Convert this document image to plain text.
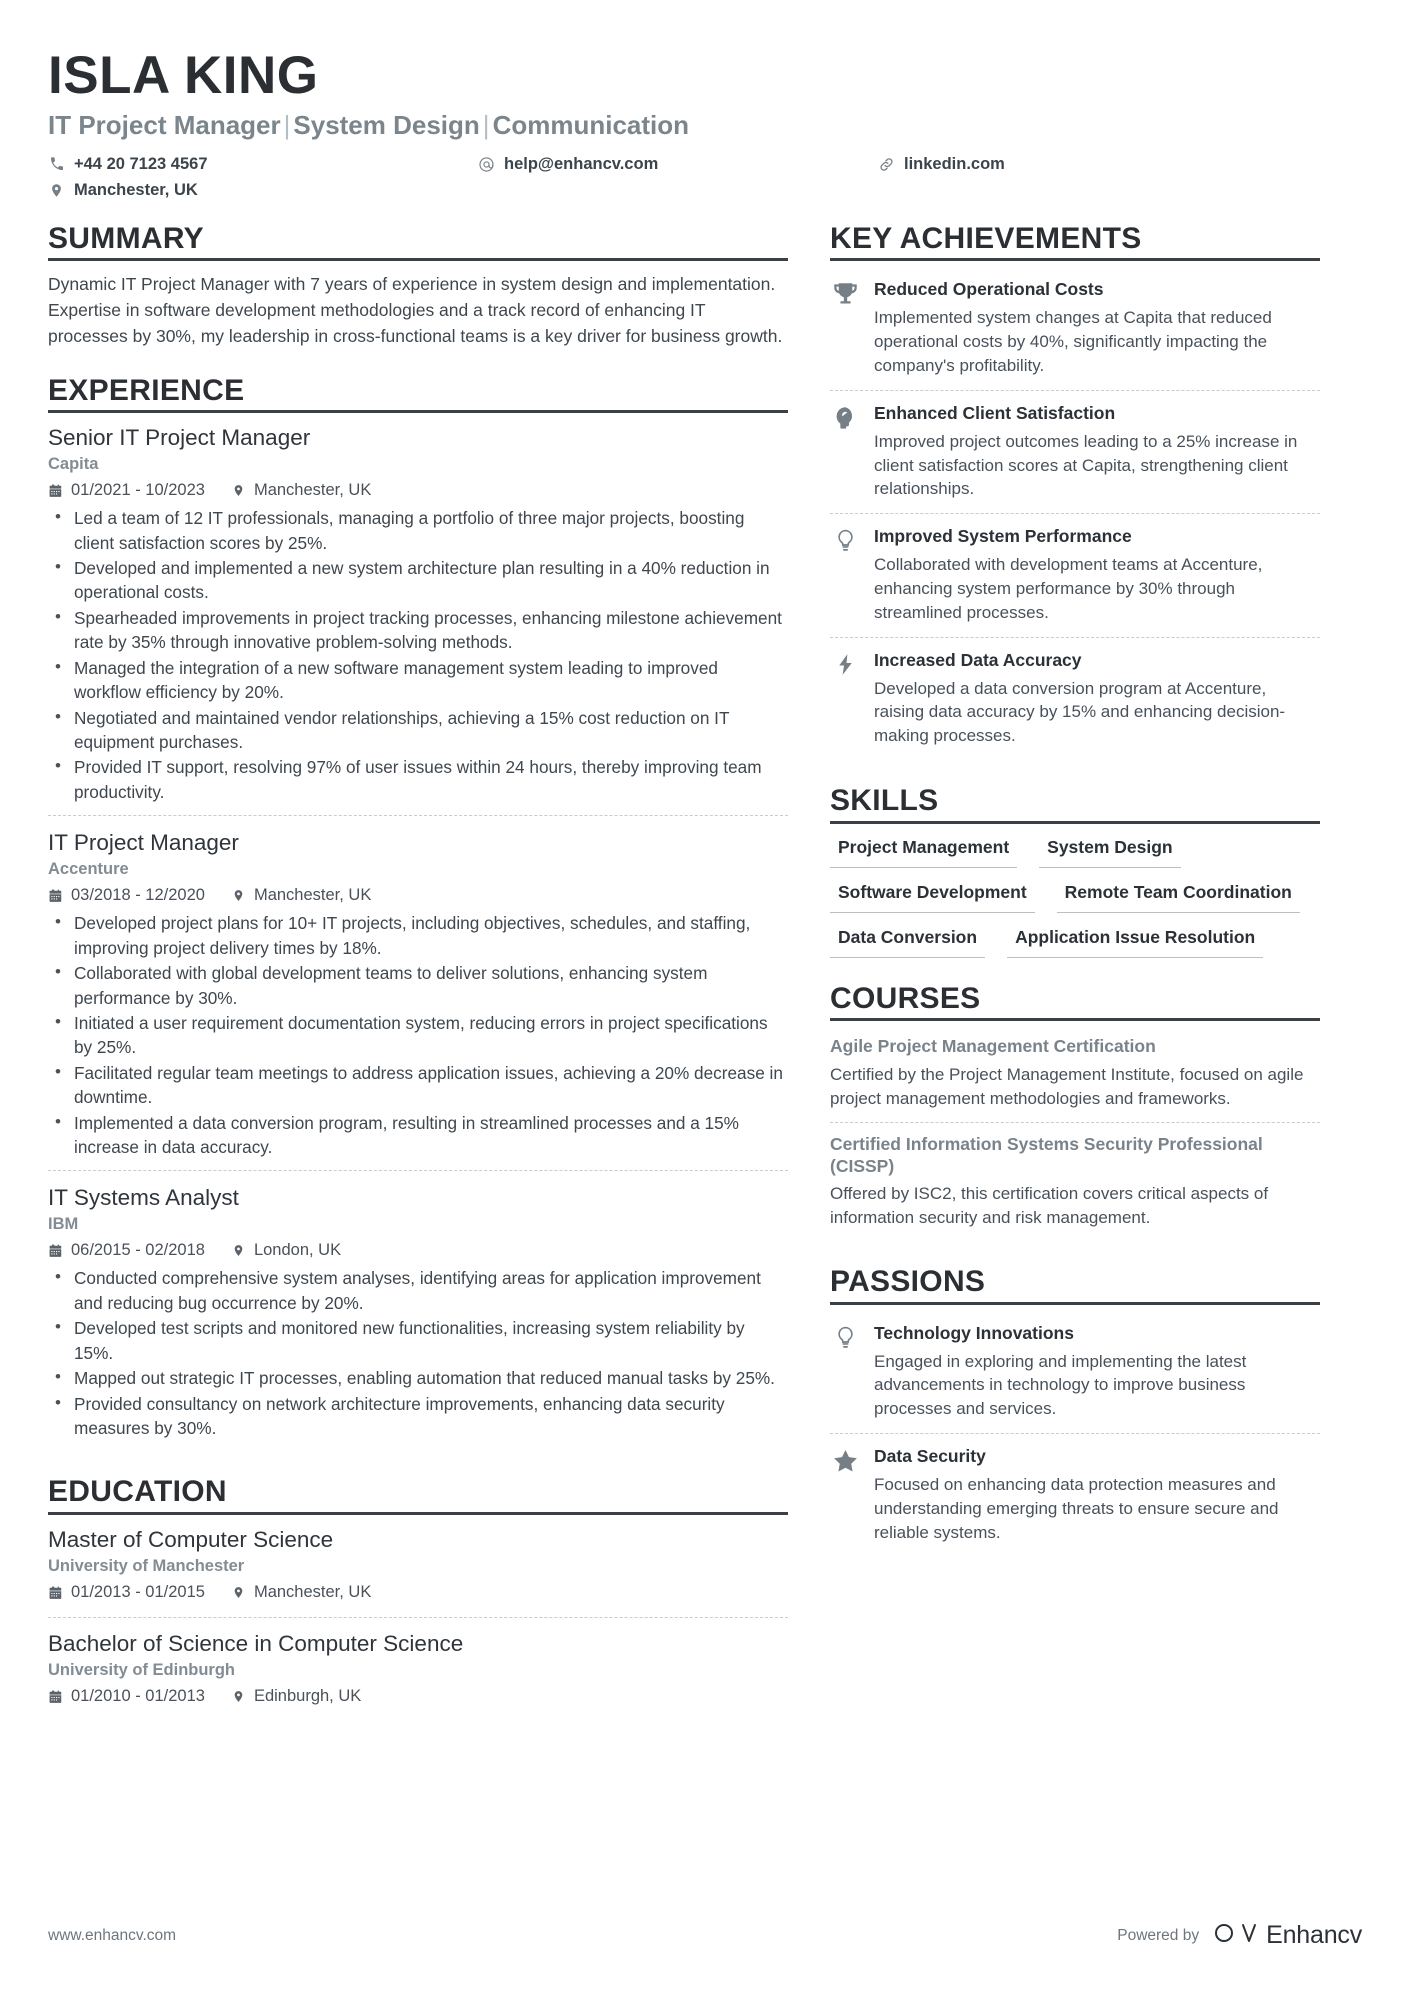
ISLA KING
IT Project Manager | System Design | Communication
+44 20 7123 4567	help@enhancv.com	linkedin.com
Manchester, UK
SUMMARY

Dynamic IT Project Manager with 7 years of experience in system design and implementation. Expertise in software development methodologies and a track record of enhancing IT processes by 30%, my leadership in cross-functional teams is a key driver for business growth.

EXPERIENCE
Senior IT Project Manager
Capita
01/2021 - 10/2023	Manchester, UK
• Led a team of 12 IT professionals, managing a portfolio of three major projects, boosting client satisfaction scores by 25%.
• Developed and implemented a new system architecture plan resulting in a 40% reduction in operational costs.
• Spearheaded improvements in project tracking processes, enhancing milestone achievement rate by 35% through innovative problem-solving methods.
• Managed the integration of a new software management system leading to improved workflow efficiency by 20%.
• Negotiated and maintained vendor relationships, achieving a 15% cost reduction on IT equipment purchases.
• Provided IT support, resolving 97% of user issues within 24 hours, thereby improving team productivity.
IT Project Manager
Accenture
03/2018 - 12/2020	Manchester, UK
• Developed project plans for 10+ IT projects, including objectives, schedules, and staffing, improving project delivery times by 18%.
• Collaborated with global development teams to deliver solutions, enhancing system performance by 30%.
• Initiated a user requirement documentation system, reducing errors in project specifications by 25%.
• Facilitated regular team meetings to address application issues, achieving a 20% decrease in downtime.
• Implemented a data conversion program, resulting in streamlined processes and a 15% increase in data accuracy.
IT Systems Analyst
IBM
06/2015 - 02/2018	London, UK
• Conducted comprehensive system analyses, identifying areas for application improvement and reducing bug occurrence by 20%.
• Developed test scripts and monitored new functionalities, increasing system reliability by 15%.
• Mapped out strategic IT processes, enabling automation that reduced manual tasks by 25%.
• Provided consultancy on network architecture improvements, enhancing data security measures by 30%.
EDUCATION
Master of Computer Science
University of Manchester
01/2013 - 01/2015	Manchester, UK
Bachelor of Science in Computer Science
University of Edinburgh
01/2010 - 01/2013	Edinburgh, UK
KEY ACHIEVEMENTS
Reduced Operational Costs

Implemented system changes at Capita that reduced operational costs by 40%, significantly impacting the company's profitability.

Enhanced Client Satisfaction

Improved project outcomes leading to a 25% increase in client satisfaction scores at Capita, strengthening client relationships.

Improved System Performance

Collaborated with development teams at Accenture, enhancing system performance by 30% through streamlined processes.

Increased Data Accuracy

Developed a data conversion program at Accenture, raising data accuracy by 15% and enhancing decision-making processes.

SKILLS
Project Management	System Design
Software Development	Remote Team Coordination
Data Conversion	Application Issue Resolution
COURSES
Agile Project Management Certification

Certified by the Project Management Institute, focused on agile project management methodologies and frameworks.

Certified Information Systems Security Professional (CISSP)

Offered by ISC2, this certification covers critical aspects of information security and risk management.

PASSIONS
Technology Innovations

Engaged in exploring and implementing the latest advancements in technology to improve business processes and services.

Data Security

Focused on enhancing data protection measures and understanding emerging threats to ensure secure and reliable systems.

www.enhancv.com	Powered by	Enhancv
